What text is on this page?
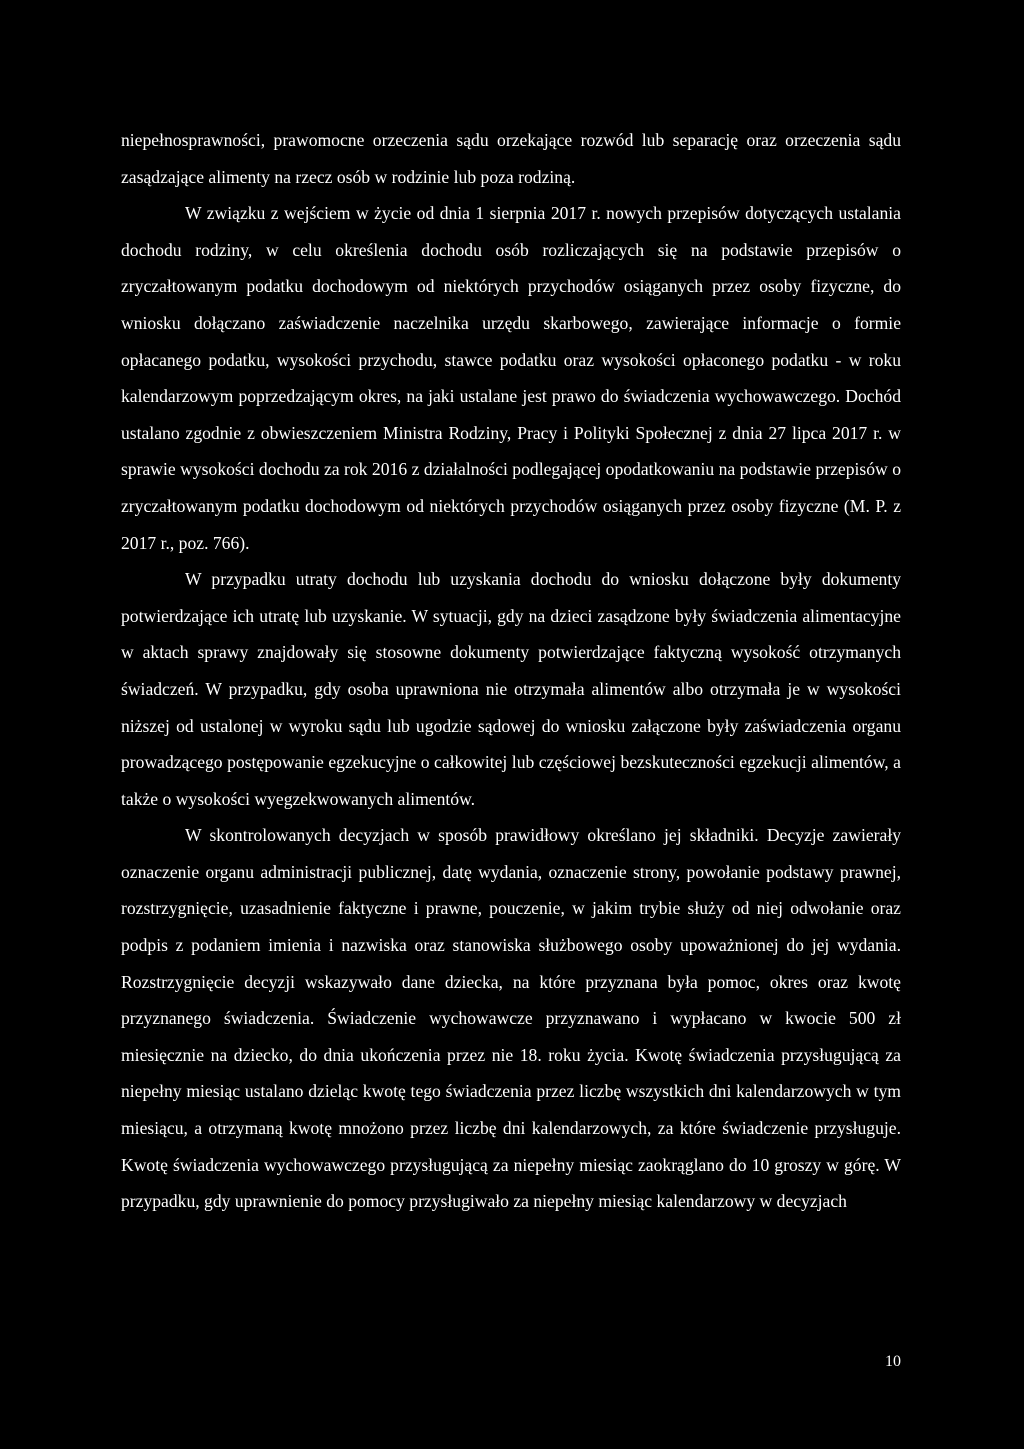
niepełnosprawności, prawomocne orzeczenia sądu orzekające rozwód lub separację oraz orzeczenia sądu zasądzające alimenty na rzecz osób w rodzinie lub poza rodziną.

W związku z wejściem w życie od dnia 1 sierpnia 2017 r. nowych przepisów dotyczących ustalania dochodu rodziny, w celu określenia dochodu osób rozliczających się na podstawie przepisów o zryczałtowanym podatku dochodowym od niektórych przychodów osiąganych przez osoby fizyczne, do wniosku dołączano zaświadczenie naczelnika urzędu skarbowego, zawierające informacje o formie opłacanego podatku, wysokości przychodu, stawce podatku oraz wysokości opłaconego podatku - w roku kalendarzowym poprzedzającym okres, na jaki ustalane jest prawo do świadczenia wychowawczego. Dochód ustalano zgodnie z obwieszczeniem Ministra Rodziny, Pracy i Polityki Społecznej z dnia 27 lipca 2017 r. w sprawie wysokości dochodu za rok 2016 z działalności podlegającej opodatkowaniu na podstawie przepisów o zryczałtowanym podatku dochodowym od niektórych przychodów osiąganych przez osoby fizyczne (M. P. z 2017 r., poz. 766).

W przypadku utraty dochodu lub uzyskania dochodu do wniosku dołączone były dokumenty potwierdzające ich utratę lub uzyskanie. W sytuacji, gdy na dzieci zasądzone były świadczenia alimentacyjne w aktach sprawy znajdowały się stosowne dokumenty potwierdzające faktyczną wysokość otrzymanych świadczeń. W przypadku, gdy osoba uprawniona nie otrzymała alimentów albo otrzymała je w wysokości niższej od ustalonej w wyroku sądu lub ugodzie sądowej do wniosku załączone były zaświadczenia organu prowadzącego postępowanie egzekucyjne o całkowitej lub częściowej bezskuteczności egzekucji alimentów, a także o wysokości wyegzekwowanych alimentów.

W skontrolowanych decyzjach w sposób prawidłowy określano jej składniki. Decyzje zawierały oznaczenie organu administracji publicznej, datę wydania, oznaczenie strony, powołanie podstawy prawnej, rozstrzygnięcie, uzasadnienie faktyczne i prawne, pouczenie, w jakim trybie służy od niej odwołanie oraz podpis z podaniem imienia i nazwiska oraz stanowiska służbowego osoby upoważnionej do jej wydania. Rozstrzygnięcie decyzji wskazywało dane dziecka, na które przyznana była pomoc, okres oraz kwotę przyznanego świadczenia. Świadczenie wychowawcze przyznawano i wypłacano w kwocie 500 zł miesięcznie na dziecko, do dnia ukończenia przez nie 18. roku życia. Kwotę świadczenia przysługującą za niepełny miesiąc ustalano dzieląc kwotę tego świadczenia przez liczbę wszystkich dni kalendarzowych w tym miesiącu, a otrzymaną kwotę mnożono przez liczbę dni kalendarzowych, za które świadczenie przysługuje. Kwotę świadczenia wychowawczego przysługującą za niepełny miesiąc zaokrąglano do 10 groszy w górę. W przypadku, gdy uprawnienie do pomocy przysługiwało za niepełny miesiąc kalendarzowy w decyzjach

10
